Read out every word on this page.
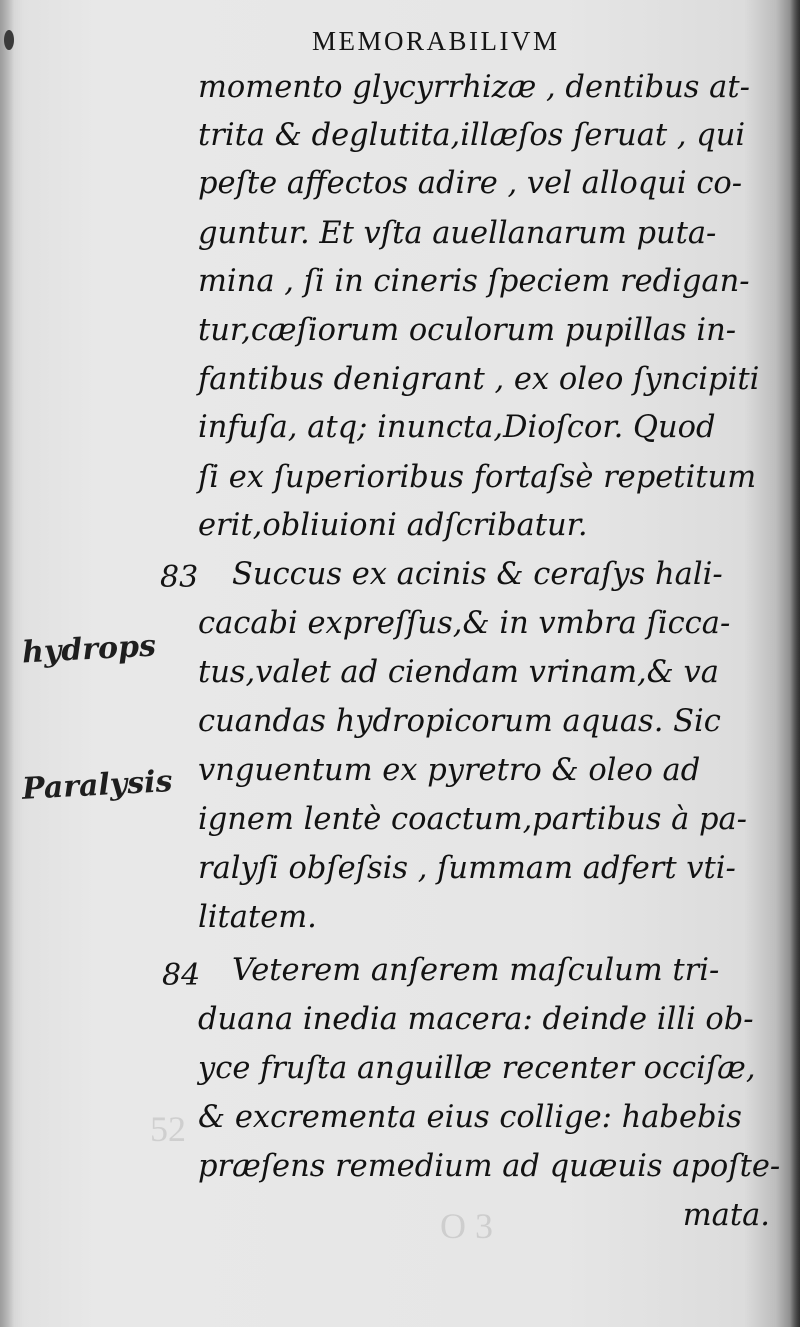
52
O 3
MEMORABILIVM
momento glycyrrhizæ , dentibus at-
trita & deglutita,illæſos ſeruat , qui
peſte affectos adire , vel alloqui co-
guntur. Et vſta auellanarum puta-
mina , ſi in cineris ſpeciem redigan-
tur,cæſiorum oculorum pupillas in-
fantibus denigrant , ex oleo ſyncipiti
infuſa, atq; inuncta,Dioſcor. Quod
ſi ex ſuperioribus fortaſsè repetitum
erit,obliuioni adſcribatur.
83
hydrops
Succus ex acinis & ceraſys hali-
cacabi expreſſus,& in vmbra ſicca-
tus,valet ad ciendam vrinam,& va
cuandas hydropicorum aquas. Sic
Paralysis vnguentum ex pyretro & oleo ad
ignem lentè coactum,partibus à pa-
ralyſi obſeſsis , ſummam adfert vti-
litatem.
84 Veterem anſerem maſculum tri-
duana inedia macera: deinde illi ob-
yce fruſta anguillæ recenter occiſæ,
& excrementa eius collige: habebis
præſens remedium ad quæuis apoſte-
mata.
